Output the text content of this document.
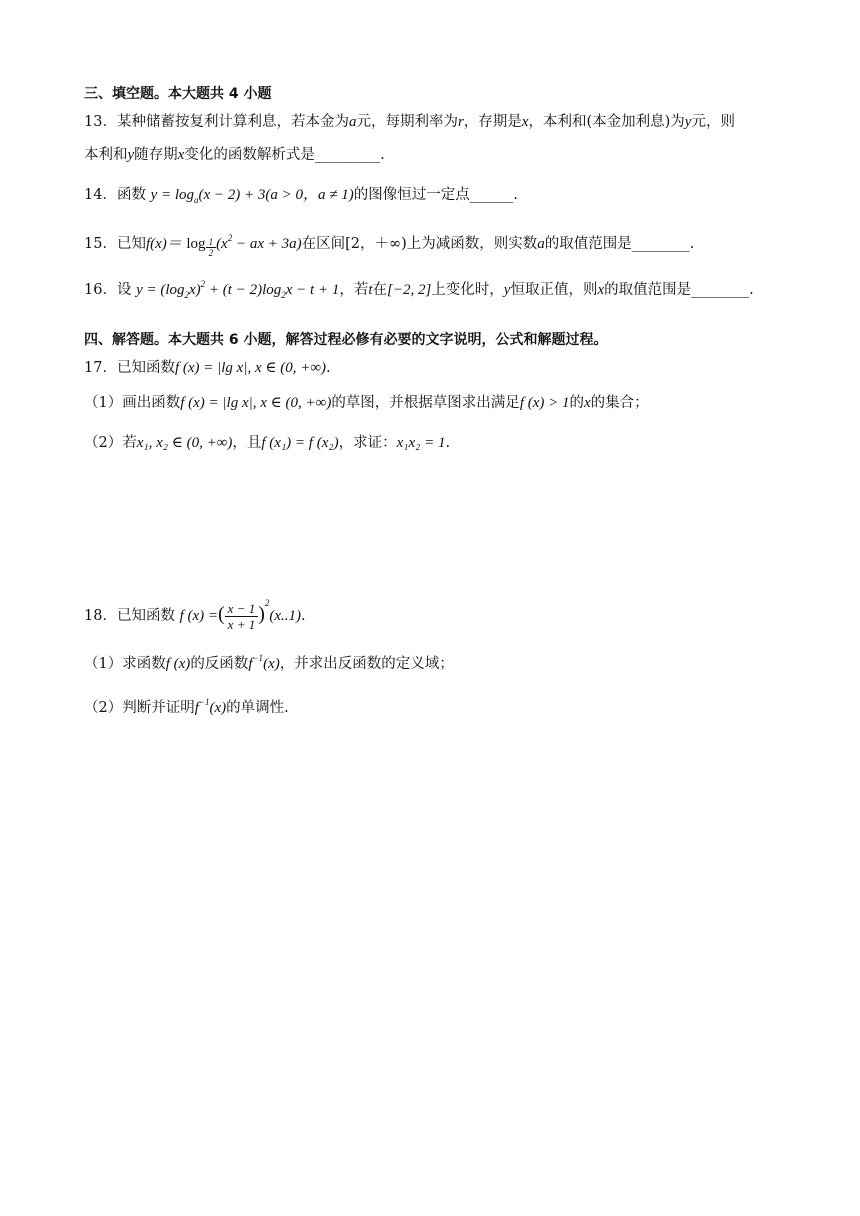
三、填空题。本大题共 4 小题
13．某种储蓄按复利计算利息，若本金为a元，每期利率为r，存期是x，本利和(本金加利息)为y元，则
本利和y随存期x变化的函数解析式是_________.
14．函数 $y = \log_a(x - 2) + 3(a > 0$，a ≠ 1)的图像恒过一定点______.
15．已知$f(x)= \log \frac{1}{2} (x^2$ − ax + 3a)在区间[2，＋∞)上为减函数，则实数a的取值范围是________.
16．设 $y = (\log_2x)^2 + (t - 2)\log_2x - t + 1$，若t在[−2, 2]上变化时，y恒取正值，则x的取值范围是________.
四、解答题。本大题共 6 小题，解答过程必修有必要的文字说明，公式和解题过程。
17．已知函数f (x) = |lg x|, x ∈ (0, +∞).
（1）画出函数f (x) = |lg x|, x ∈ (0, +∞)的草图，并根据草图求出满足f (x) > 1的x的集合；
（2）若x₁, x₂ ∈ (0, +∞)，且f (x₁) = f (x₂)，求证：x₁x₂ = 1.
18．已知函数 f (x) =( $\frac{x - 1}{x + 1} )^2(x..1)$.
（1）求函数f (x)的反函数$f^{-1}(x)$，并求出反函数的定义域；
（2）判断并证明$f^{-1}(x)$的单调性.
